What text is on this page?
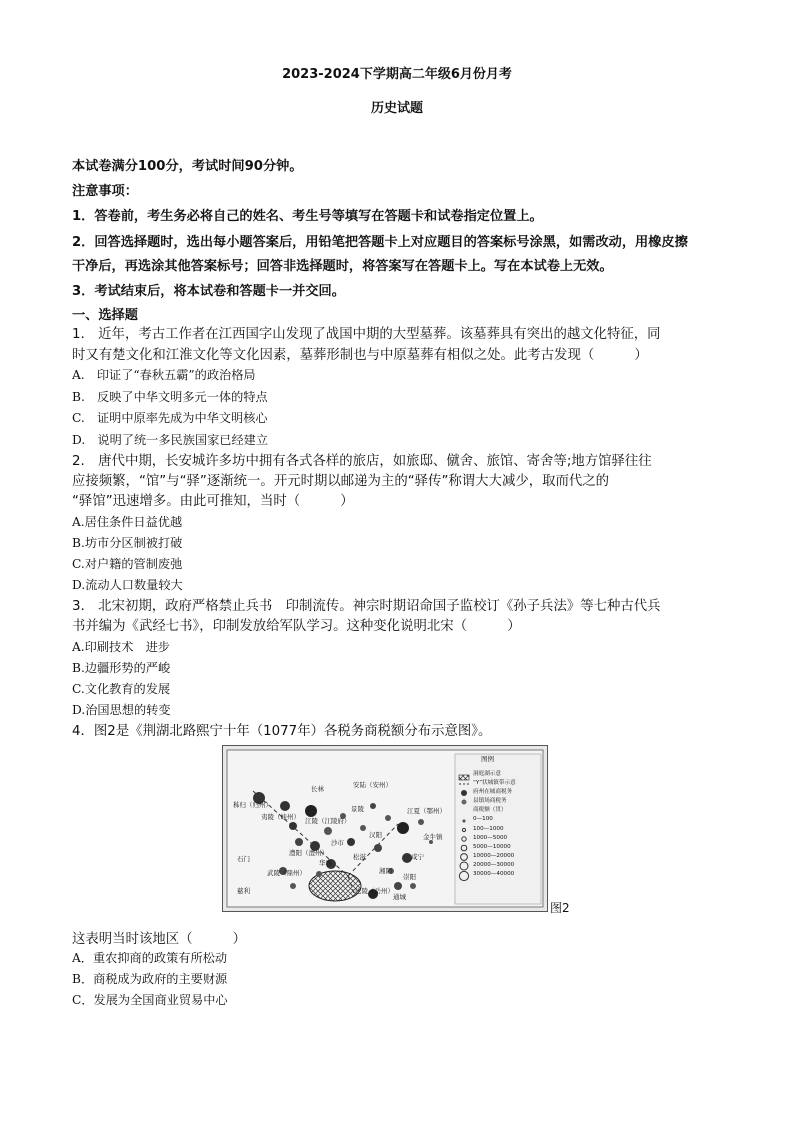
2023-2024下学期高二年级6月份月考
历史试题
本试卷满分100分，考试时间90分钟。
注意事项：
1．答卷前，考生务必将自己的姓名、考生号等填写在答题卡和试卷指定位置上。
2．回答选择题时，选出每小题答案后，用铅笔把答题卡上对应题目的答案标号涂黑，如需改动，用橡皮擦
干净后，再选涂其他答案标号；回答非选择题时，将答案写在答题卡上。写在本试卷上无效。
3．考试结束后，将本试卷和答题卡一并交回。
一、选择题
1.　近年，考古工作者在江西国字山发现了战国中期的大型墓葬。该墓葬具有突出的越文化特征，同
时又有楚文化和江淮文化等文化因素，墓葬形制也与中原墓葬有相似之处。此考古发现（　　　）
A.　印证了“春秋五霸”的政治格局
B.　反映了中华文明多元一体的特点
C.　证明中原率先成为中华文明核心
D.　说明了统一多民族国家已经建立
2.　唐代中期，长安城许多坊中拥有各式各样的旅店，如旅邸、僦舍、旅馆、寄舍等;地方馆驿往往
应接频繁，“馆”与“驿”逐渐统一。开元时期以邮递为主的“驿传”称谓大大减少，取而代之的
“驿馆”迅速增多。由此可推知，当时（　　　）
A.居住条件日益优越
B.坊市分区制被打破
C.对户籍的管制废弛
D.流动人口数量较大
3.　北宋初期，政府严格禁止兵书　印制流传。神宗时期诏命国子监校订《孙子兵法》等七种古代兵
书并编为《武经七书》，印制发放给军队学习。这种变化说明北宋（　　　）
A.印刷技术　进步
B.边疆形势的严峻
C.文化教育的发展
D.治国思想的转变
4．图2是《荆湖北路熙宁十年（1077年）各税务商税额分布示意图》。
图例
洞庭湖示意
“Y”状城镇带示意
府州在城商税务
县镇场商税务
商税额（贯）
0—100
100—1000
1000—5000
5000—10000
10000—20000
20000—30000
30000—40000
秭归（归州）
夷陵（峡州）
长林	安陆（安州）
景陵
江陵（江陵府）
沙市
澧阳（澧州）
石门	松滋
汉阳
江夏（鄂州）
金牛镇
咸宁
武陵（鼎州）
华容
巴陵（岳州）
崇阳
慈利
湘阴
通城
图2
这表明当时该地区（　　　）
A．重农抑商的政策有所松动
B．商税成为政府的主要财源
C．发展为全国商业贸易中心
